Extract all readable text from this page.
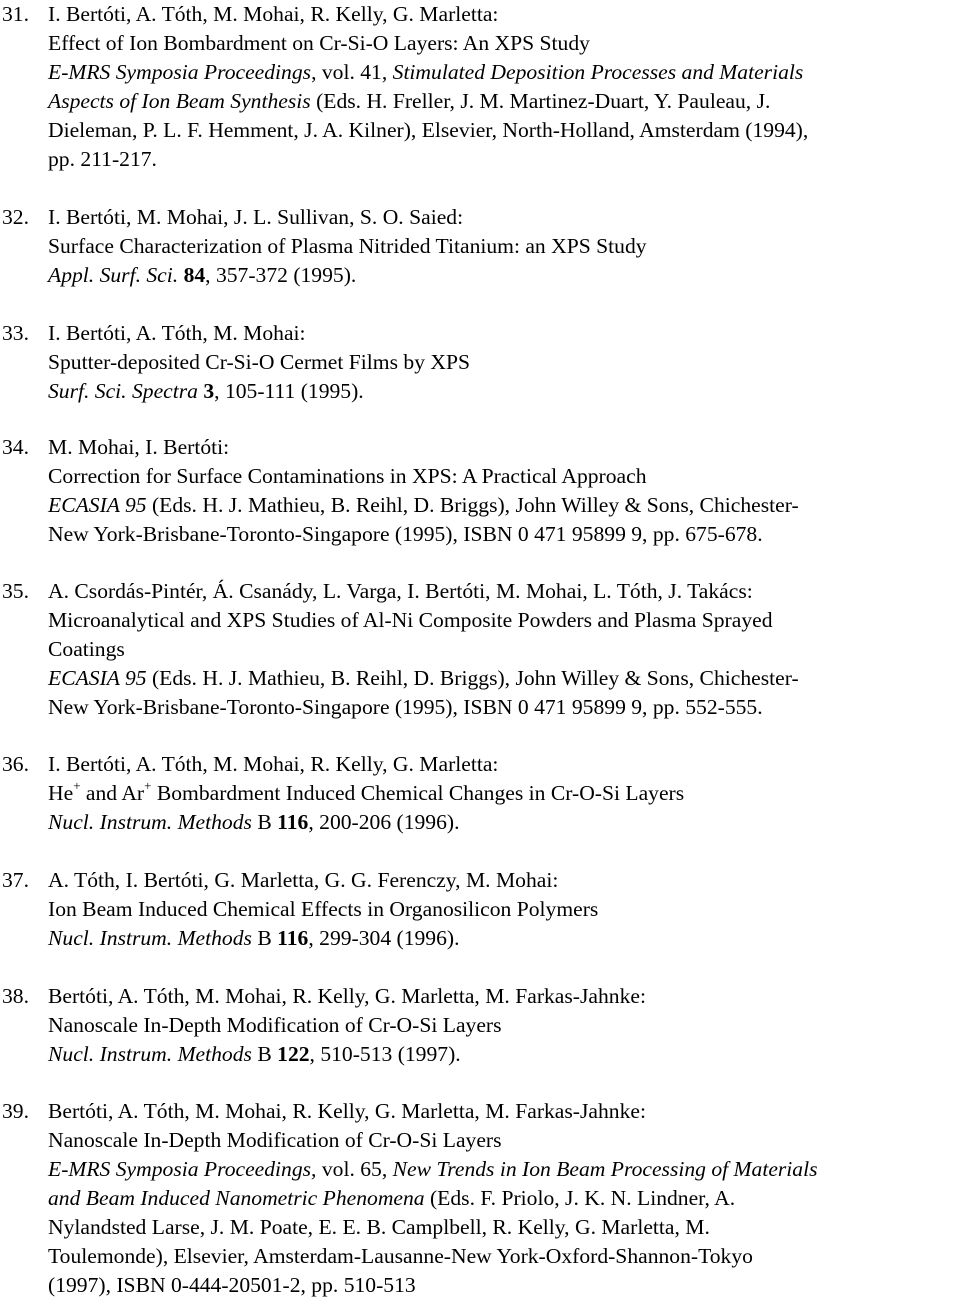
31. I. Bertóti, A. Tóth, M. Mohai, R. Kelly, G. Marletta:
Effect of Ion Bombardment on Cr-Si-O Layers: An XPS Study
E-MRS Symposia Proceedings, vol. 41, Stimulated Deposition Processes and Materials
Aspects of Ion Beam Synthesis (Eds. H. Freller, J. M. Martinez-Duart, Y. Pauleau, J.
Dieleman, P. L. F. Hemment, J. A. Kilner), Elsevier, North-Holland, Amsterdam (1994),
pp. 211-217.
32. I. Bertóti, M. Mohai, J. L. Sullivan, S. O. Saied:
Surface Characterization of Plasma Nitrided Titanium: an XPS Study
Appl. Surf. Sci. 84, 357-372 (1995).
33. I. Bertóti, A. Tóth, M. Mohai:
Sputter-deposited Cr-Si-O Cermet Films by XPS
Surf. Sci. Spectra 3, 105-111 (1995).
34. M. Mohai, I. Bertóti:
Correction for Surface Contaminations in XPS: A Practical Approach
ECASIA 95 (Eds. H. J. Mathieu, B. Reihl, D. Briggs), John Willey & Sons, Chichester-
New York-Brisbane-Toronto-Singapore (1995), ISBN 0 471 95899 9, pp. 675-678.
35. A. Csordás-Pintér, Á. Csanády, L. Varga, I. Bertóti, M. Mohai, L. Tóth, J. Takács:
Microanalytical and XPS Studies of Al-Ni Composite Powders and Plasma Sprayed
Coatings
ECASIA 95 (Eds. H. J. Mathieu, B. Reihl, D. Briggs), John Willey & Sons, Chichester-
New York-Brisbane-Toronto-Singapore (1995), ISBN 0 471 95899 9, pp. 552-555.
36. I. Bertóti, A. Tóth, M. Mohai, R. Kelly, G. Marletta:
He+ and Ar+ Bombardment Induced Chemical Changes in Cr-O-Si Layers
Nucl. Instrum. Methods B 116, 200-206 (1996).
37. A. Tóth, I. Bertóti, G. Marletta, G. G. Ferenczy, M. Mohai:
Ion Beam Induced Chemical Effects in Organosilicon Polymers
Nucl. Instrum. Methods B 116, 299-304 (1996).
38. Bertóti, A. Tóth, M. Mohai, R. Kelly, G. Marletta, M. Farkas-Jahnke:
Nanoscale In-Depth Modification of Cr-O-Si Layers
Nucl. Instrum. Methods B 122, 510-513 (1997).
39. Bertóti, A. Tóth, M. Mohai, R. Kelly, G. Marletta, M. Farkas-Jahnke:
Nanoscale In-Depth Modification of Cr-O-Si Layers
E-MRS Symposia Proceedings, vol. 65, New Trends in Ion Beam Processing of Materials
and Beam Induced Nanometric Phenomena (Eds. F. Priolo, J. K. N. Lindner, A.
Nylandsted Larse, J. M. Poate, E. E. B. Camplbell, R. Kelly, G. Marletta, M.
Toulemonde), Elsevier, Amsterdam-Lausanne-New York-Oxford-Shannon-Tokyo
(1997), ISBN 0-444-20501-2, pp. 510-513
